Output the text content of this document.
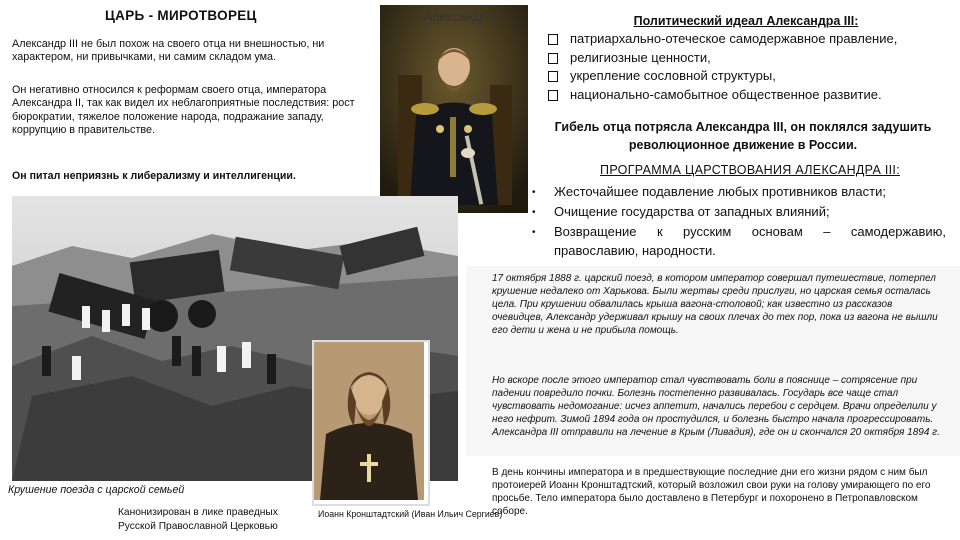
ЦАРЬ - МИРОТВОРЕЦ
Александр III не был похож на своего отца ни внешностью, ни характером, ни привычками, ни самим складом ума.
Он негативно относился к реформам своего отца, императора Александра II, так как видел их неблагоприятные последствия: рост бюрократии, тяжелое положение народа, подражание западу, коррупцию в правительстве.
Он питал неприязнь к либерализму и интеллигенции.
Александр III	Политический идеал Александра III:
патриархально-отеческое самодержавное правление,
религиозные ценности,
укрепление сословной структуры,
национально-самобытное общественное развитие.
Гибель отца потрясла Александра III, он поклялся задушить революционное движение в России.
ПРОГРАММА ЦАРСТВОВАНИЯ АЛЕКСАНДРА III:
•	Жесточайшее подавление любых противников власти;
•	Очищение государства от западных влияний;
•	Возвращение к русским основам – самодержавию, православию, народности.
Крушение поезда с царской семьей
Канонизирован в лике праведных Русской Православной Церковью
Иоанн Кронштадтский (Иван Ильич Сергиев)
17 октября 1888 г. царский поезд, в котором император совершал путешествие, потерпел крушение недалеко от Харькова. Были жертвы среди прислуги, но царская семья осталась цела. При крушении обвалилась крыша вагона-столовой; как известно из рассказов очевидцев, Александр удерживал крышу на своих плечах до тех пор, пока из вагона не вышли его дети и жена и не прибыла помощь.
Но вскоре после этого император стал чувствовать боли в пояснице – сотрясение при падении повредило почки. Болезнь постепенно развивалась. Государь все чаще стал чувствовать недомогание: исчез аппетит, начались перебои с сердцем. Врачи определили у него нефрит. Зимой 1894 года он простудился, и болезнь быстро начала прогрессировать. Александра III отправили на лечение в Крым (Ливадия), где он и скончался 20 октября 1894 г.
В день кончины императора и в предшествующие последние дни его жизни рядом с ним был протоиерей Иоанн Кронштадтский, который возложил свои руки на голову умирающего по его просьбе. Тело императора было доставлено в Петербург и похоронено в Петропавловском соборе.
